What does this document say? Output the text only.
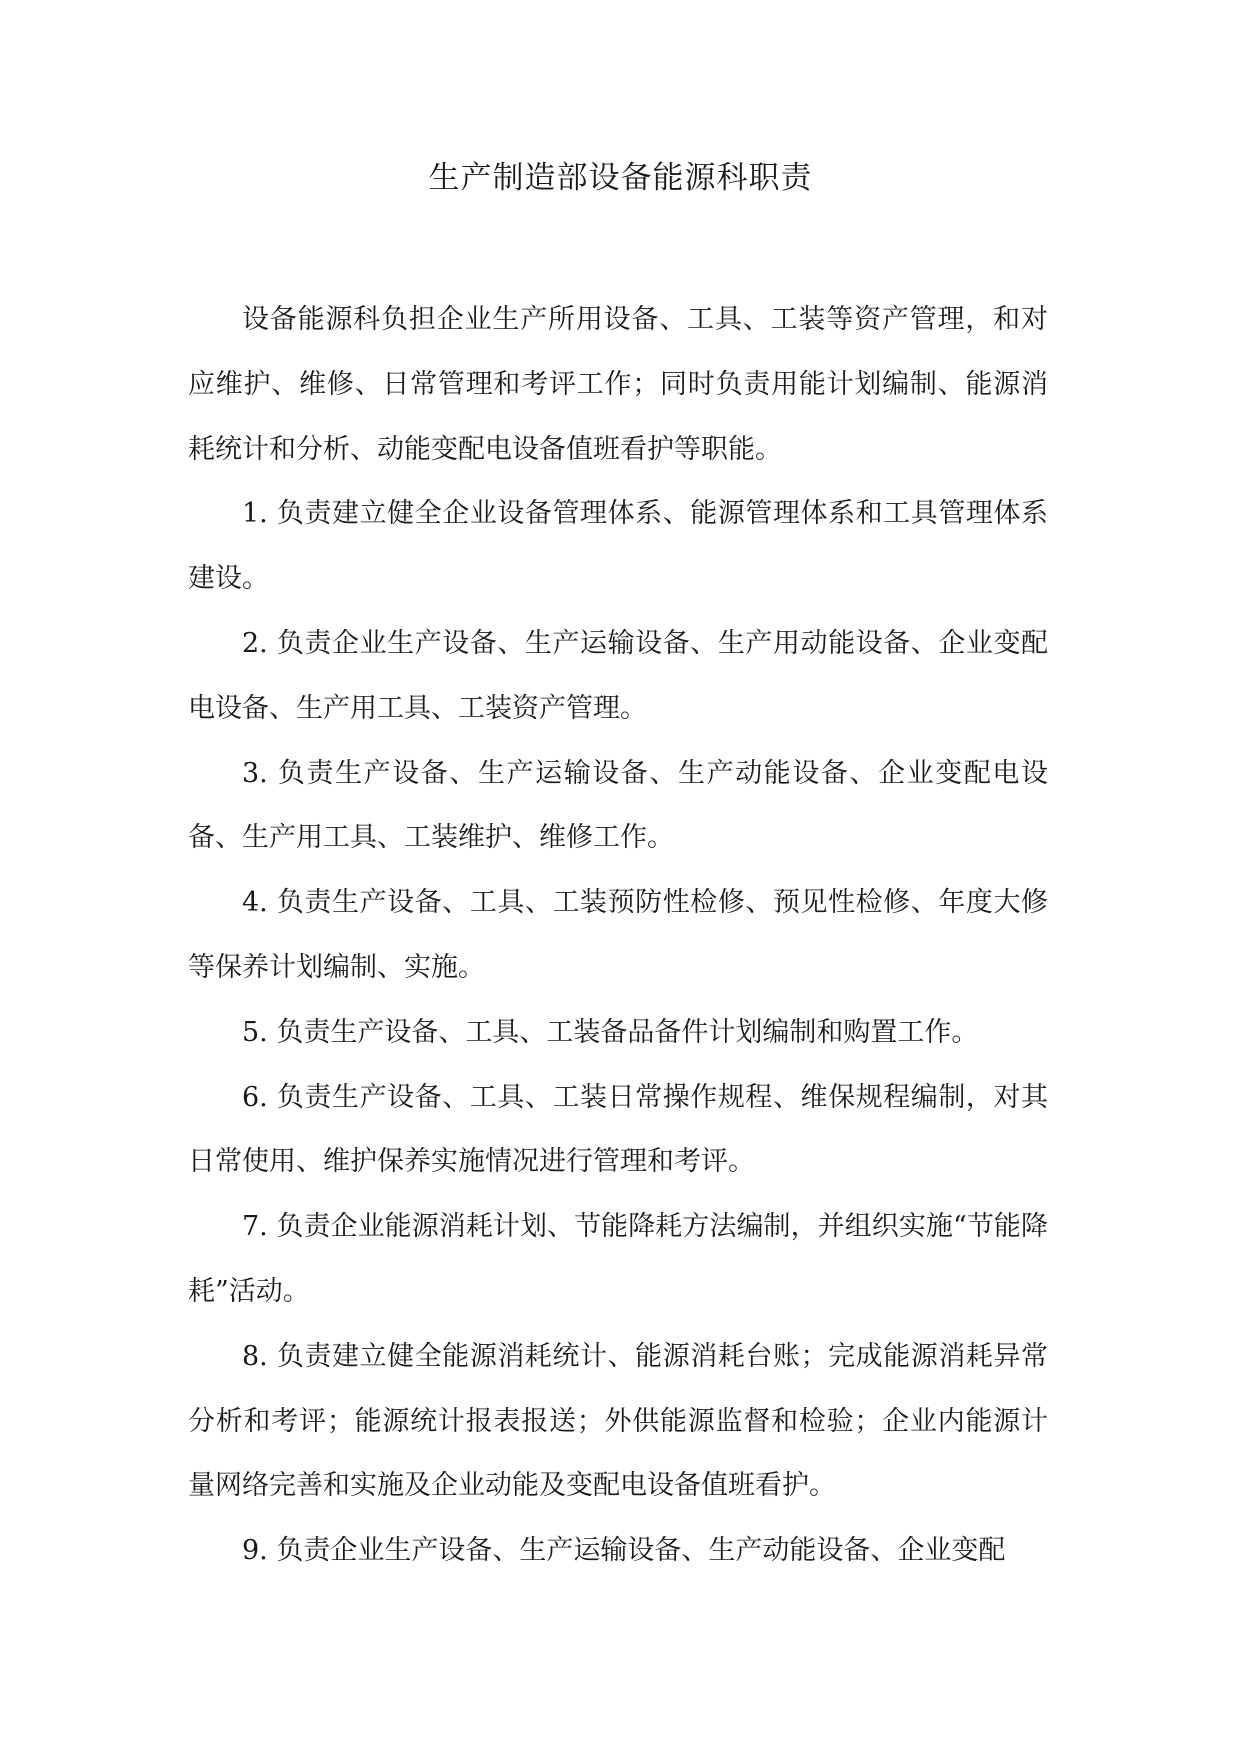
生产制造部设备能源科职责

设备能源科负担企业生产所用设备、工具、工装等资产管理，和对应维护、维修、日常管理和考评工作；同时负责用能计划编制、能源消耗统计和分析、动能变配电设备值班看护等职能。

1. 负责建立健全企业设备管理体系、能源管理体系和工具管理体系建设。

2. 负责企业生产设备、生产运输设备、生产用动能设备、企业变配电设备、生产用工具、工装资产管理。

3. 负责生产设备、生产运输设备、生产动能设备、企业变配电设备、生产用工具、工装维护、维修工作。

4. 负责生产设备、工具、工装预防性检修、预见性检修、年度大修等保养计划编制、实施。

5. 负责生产设备、工具、工装备品备件计划编制和购置工作。

6. 负责生产设备、工具、工装日常操作规程、维保规程编制，对其日常使用、维护保养实施情况进行管理和考评。

7. 负责企业能源消耗计划、节能降耗方法编制，并组织实施“节能降耗”活动。

8. 负责建立健全能源消耗统计、能源消耗台账；完成能源消耗异常分析和考评；能源统计报表报送；外供能源监督和检验；企业内能源计量网络完善和实施及企业动能及变配电设备值班看护。

9. 负责企业生产设备、生产运输设备、生产动能设备、企业变配
